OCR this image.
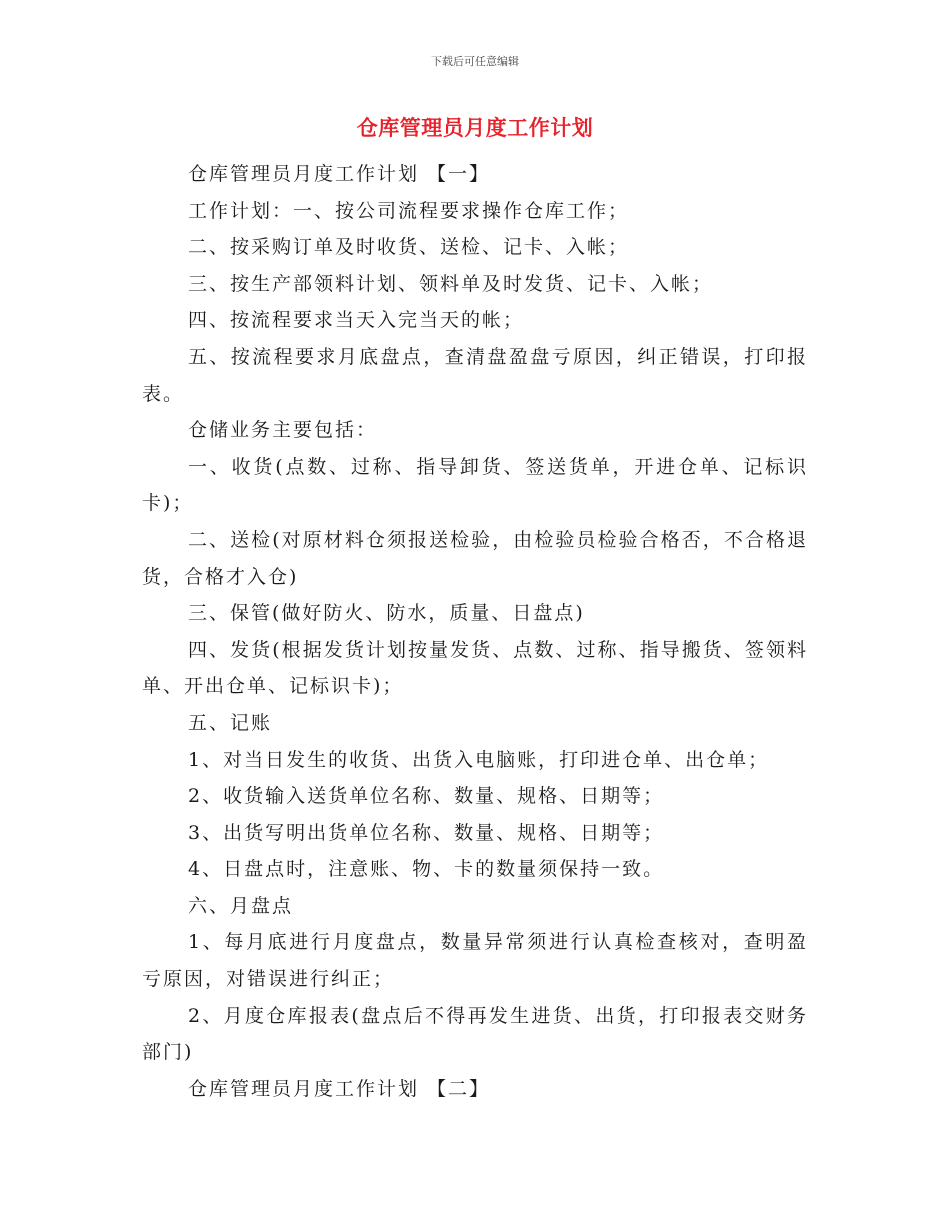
下载后可任意编辑
仓库管理员月度工作计划

仓库管理员月度工作计划 【一】

工作计划：一、按公司流程要求操作仓库工作；

二、按采购订单及时收货、送检、记卡、入帐；

三、按生产部领料计划、领料单及时发货、记卡、入帐；

四、按流程要求当天入完当天的帐；

五、按流程要求月底盘点，查清盘盈盘亏原因，纠正错误，打印报表。

仓储业务主要包括：

一、收货(点数、过称、指导卸货、签送货单，开进仓单、记标识卡)；

二、送检(对原材料仓须报送检验，由检验员检验合格否，不合格退货，合格才入仓)

三、保管(做好防火、防水，质量、日盘点)

四、发货(根据发货计划按量发货、点数、过称、指导搬货、签领料单、开出仓单、记标识卡)；

五、记账

1、对当日发生的收货、出货入电脑账，打印进仓单、出仓单；

2、收货输入送货单位名称、数量、规格、日期等；

3、出货写明出货单位名称、数量、规格、日期等；

4、日盘点时，注意账、物、卡的数量须保持一致。

六、月盘点

1、每月底进行月度盘点，数量异常须进行认真检查核对，查明盈亏原因，对错误进行纠正；

2、月度仓库报表(盘点后不得再发生进货、出货，打印报表交财务部门)

仓库管理员月度工作计划 【二】
